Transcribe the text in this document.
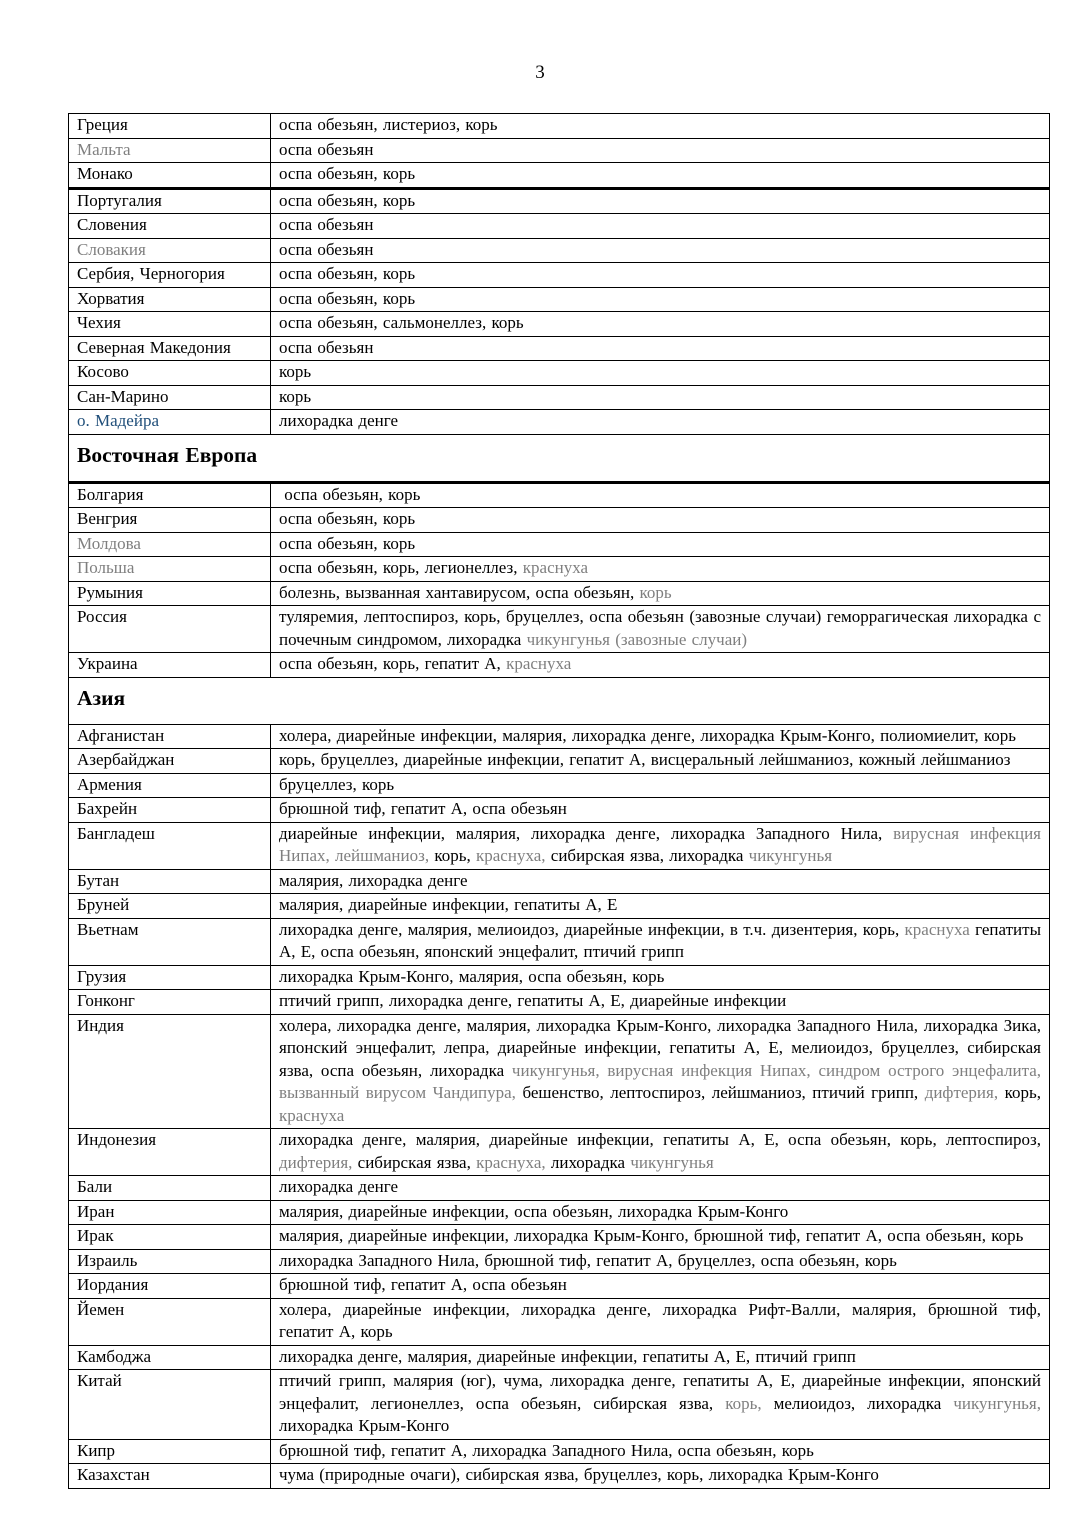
3
Греция	оспа обезьян, листериоз, корь
Мальта	оспа обезьян
Монако	оспа обезьян, корь
Португалия	оспа обезьян, корь
Словения	оспа обезьян
Словакия	оспа обезьян
Сербия, Черногория	оспа обезьян, корь
Хорватия	оспа обезьян, корь
Чехия	оспа обезьян, сальмонеллез, корь
Северная Македония	оспа обезьян
Косово	корь
Сан-Марино	корь
о. Мадейра	лихорадка денге
Восточная Европа	
Болгария	оспа обезьян, корь
Венгрия	оспа обезьян, корь
Молдова	оспа обезьян, корь
Польша	оспа обезьян, корь, легионеллез, краснуха
Румыния	болезнь, вызванная хантавирусом, оспа обезьян, корь
Россия	туляремия, лептоспироз, корь, бруцеллез, оспа обезьян (завозные случаи) геморрагическая лихорадка с почечным синдромом, лихорадка чикунгунья (завозные случаи)
Украина	оспа обезьян, корь, гепатит А, краснуха
Азия	
Афганистан	холера, диарейные инфекции, малярия, лихорадка денге, лихорадка Крым-Конго, полиомиелит, корь
Азербайджан	корь, бруцеллез, диарейные инфекции, гепатит А, висцеральный лейшманиоз, кожный лейшманиоз
Армения	бруцеллез, корь
Бахрейн	брюшной тиф, гепатит А, оспа обезьян
Бангладеш	диарейные инфекции, малярия, лихорадка денге, лихорадка Западного Нила, вирусная инфекция Нипах, лейшманиоз, корь, краснуха, сибирская язва, лихорадка чикунгунья
Бутан	малярия, лихорадка денге
Бруней	малярия, диарейные инфекции, гепатиты А, Е
Вьетнам	лихорадка денге, малярия, мелиоидоз, диарейные инфекции, в т.ч. дизентерия, корь, краснуха гепатиты А, Е, оспа обезьян, японский энцефалит, птичий грипп
Грузия	лихорадка Крым-Конго, малярия, оспа обезьян, корь
Гонконг	птичий грипп, лихорадка денге, гепатиты А, Е, диарейные инфекции
Индия	холера, лихорадка денге, малярия, лихорадка Крым-Конго, лихорадка Западного Нила, лихорадка Зика, японский энцефалит, лепра, диарейные инфекции, гепатиты А, Е, мелиоидоз, бруцеллез, сибирская язва, оспа обезьян, лихорадка чикунгунья, вирусная инфекция Нипах, синдром острого энцефалита, вызванный вирусом Чандипура, бешенство, лептоспироз, лейшманиоз, птичий грипп, дифтерия, корь, краснуха
Индонезия	лихорадка денге, малярия, диарейные инфекции, гепатиты А, Е, оспа обезьян, корь, лептоспироз, дифтерия, сибирская язва, краснуха, лихорадка чикунгунья
Бали	лихорадка денге
Иран	малярия, диарейные инфекции, оспа обезьян, лихорадка Крым-Конго
Ирак	малярия, диарейные инфекции, лихорадка Крым-Конго, брюшной тиф, гепатит А, оспа обезьян, корь
Израиль	лихорадка Западного Нила, брюшной тиф, гепатит А, бруцеллез, оспа обезьян, корь
Иордания	брюшной тиф, гепатит А, оспа обезьян
Йемен	холера, диарейные инфекции, лихорадка денге, лихорадка Рифт-Валли, малярия, брюшной тиф, гепатит А, корь
Камбоджа	лихорадка денге, малярия, диарейные инфекции, гепатиты А, Е, птичий грипп
Китай	птичий грипп, малярия (юг), чума, лихорадка денге, гепатиты А, Е, диарейные инфекции, японский энцефалит, легионеллез, оспа обезьян, сибирская язва, корь, мелиоидоз, лихорадка чикунгунья, лихорадка Крым-Конго
Кипр	брюшной тиф, гепатит А, лихорадка Западного Нила, оспа обезьян, корь
Казахстан	чума (природные очаги), сибирская язва, бруцеллез, корь, лихорадка Крым-Конго
